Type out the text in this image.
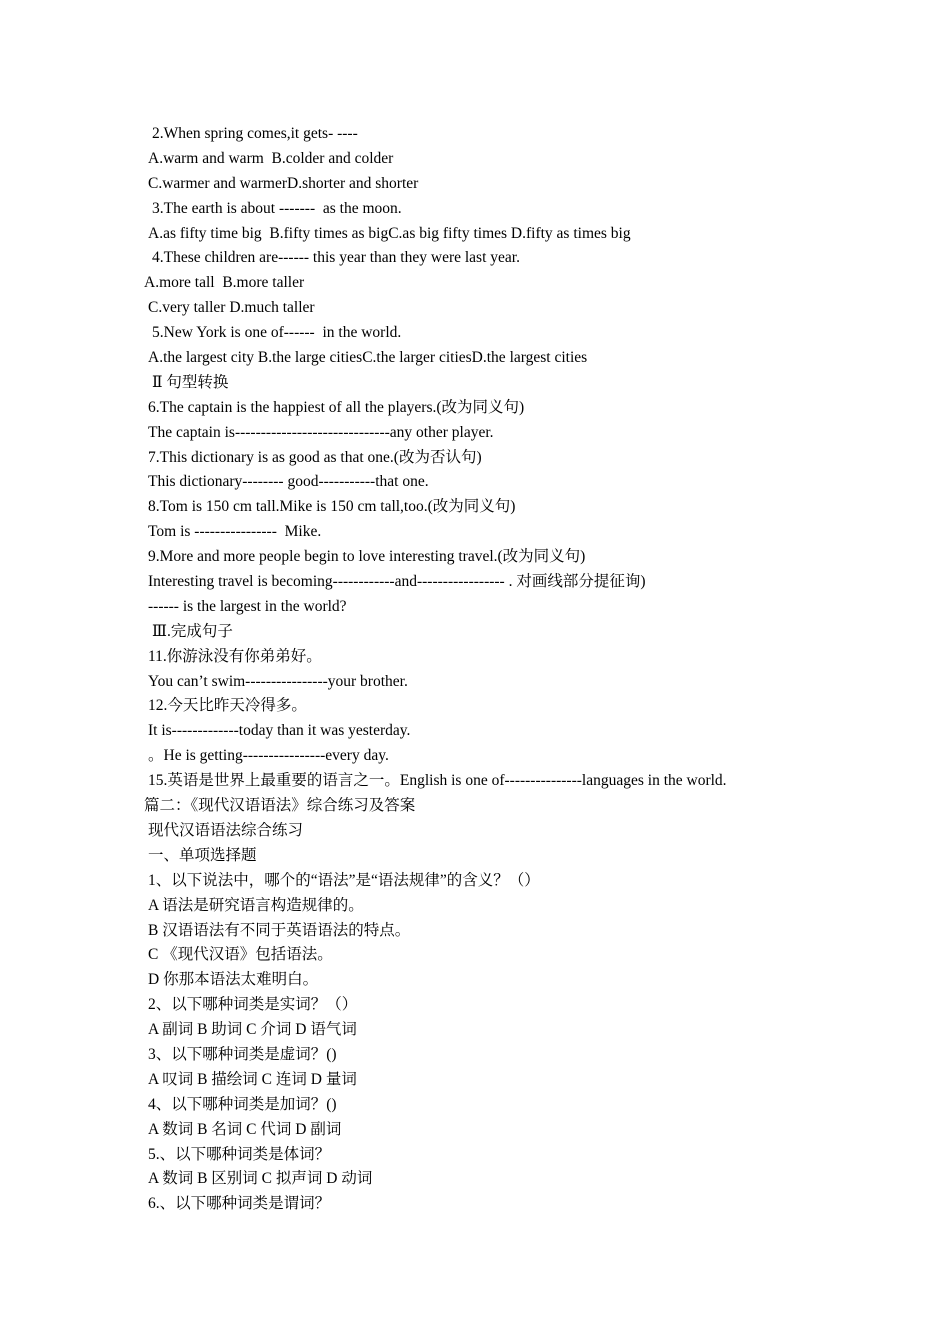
2.When spring comes,it gets- ----
A.warm and warm  B.colder and colder
C.warmer and warmerD.shorter and shorter
3.The earth is about -------  as the moon.
A.as fifty time big  B.fifty times as bigC.as big fifty times D.fifty as times big
4.These children are------ this year than they were last year.
A.more tall  B.more taller
C.very taller D.much taller
5.New York is one of------  in the world.
A.the largest city B.the large citiesC.the larger citiesD.the largest cities
Ⅱ 句型转换
6.The captain is the happiest of all the players.(改为同义句)
The captain is------------------------------any other player.
7.This dictionary is as good as that one.(改为否认句)
This dictionary-------- good-----------that one.
8.Tom is 150 cm tall.Mike is 150 cm tall,too.(改为同义句)
Tom is ----------------  Mike.
9.More and more people begin to love interesting travel.(改为同义句)
Interesting travel is becoming------------and----------------- . 对画线部分提征询)
------ is the largest in the world?
Ⅲ.完成句子
11.你游泳没有你弟弟好。
You can’t swim----------------your brother.
12.今天比昨天冷得多。
It is-------------today than it was yesterday.
。He is getting----------------every day.
15.英语是世界上最重要的语言之一。English is one of---------------languages in the world.
篇二：《现代汉语语法》综合练习及答案
现代汉语语法综合练习
一、单项选择题
1、以下说法中，哪个的“语法”是“语法规律”的含义？（）
A 语法是研究语言构造规律的。
B 汉语语法有不同于英语语法的特点。
C 《现代汉语》包括语法。
D 你那本语法太难明白。
2、以下哪种词类是实词？（）
A 副词 B 助词 C 介词 D 语气词
3、以下哪种词类是虚词？()
A 叹词 B 描绘词 C 连词 D 量词
4、以下哪种词类是加词？()
A 数词 B 名词 C 代词 D 副词
5.、以下哪种词类是体词？
A 数词 B 区别词 C 拟声词 D 动词
6.、以下哪种词类是谓词？
